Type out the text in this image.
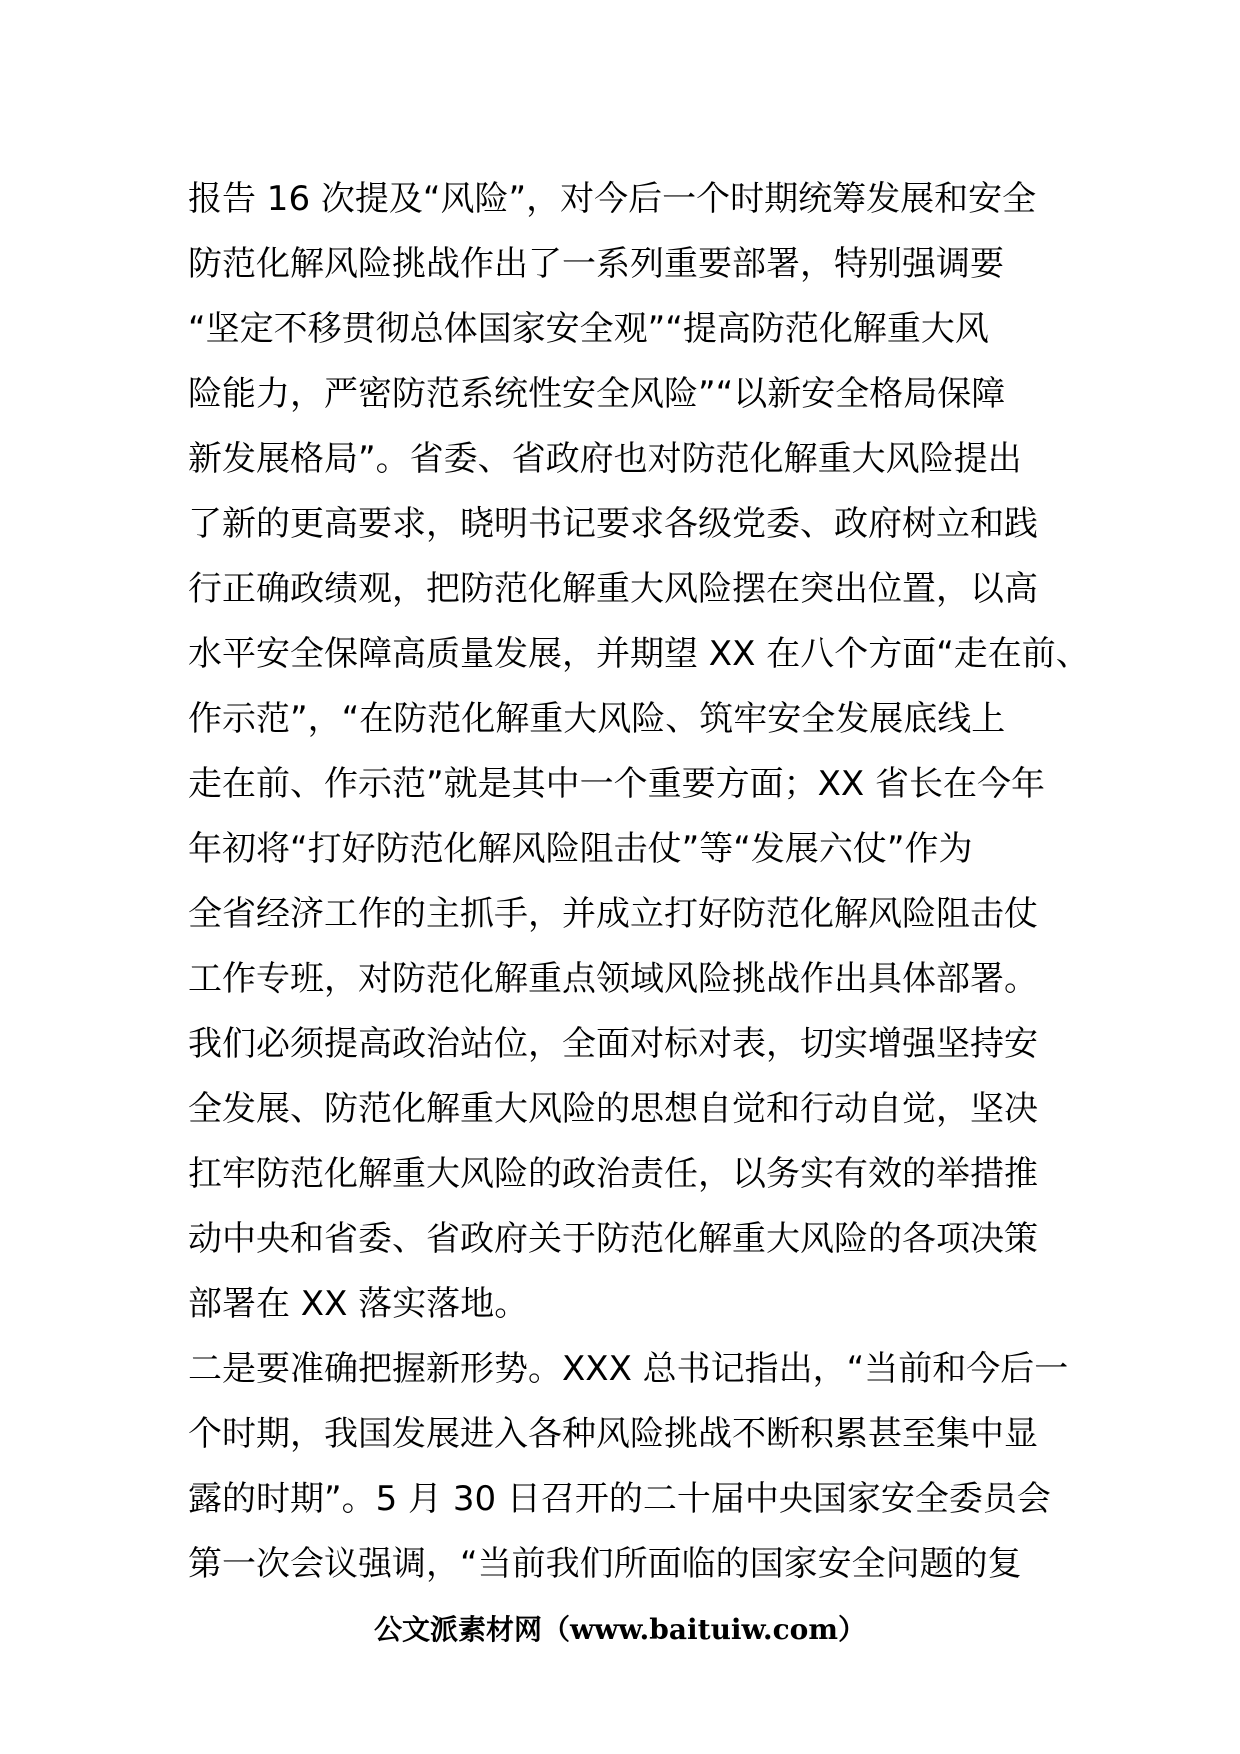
报告 16 次提及“风险”，对今后一个时期统筹发展和安全
防范化解风险挑战作出了一系列重要部署，特别强调要
“坚定不移贯彻总体国家安全观”“提高防范化解重大风
险能力，严密防范系统性安全风险”“以新安全格局保障
新发展格局”。省委、省政府也对防范化解重大风险提出
了新的更高要求，晓明书记要求各级党委、政府树立和践
行正确政绩观，把防范化解重大风险摆在突出位置，以高
水平安全保障高质量发展，并期望 XX 在八个方面“走在前、
作示范”，“在防范化解重大风险、筑牢安全发展底线上
走在前、作示范”就是其中一个重要方面；XX 省长在今年
年初将“打好防范化解风险阻击仗”等“发展六仗”作为
全省经济工作的主抓手，并成立打好防范化解风险阻击仗
工作专班，对防范化解重点领域风险挑战作出具体部署。
我们必须提高政治站位，全面对标对表，切实增强坚持安
全发展、防范化解重大风险的思想自觉和行动自觉，坚决
扛牢防范化解重大风险的政治责任，以务实有效的举措推
动中央和省委、省政府关于防范化解重大风险的各项决策
部署在 XX 落实落地。
二是要准确把握新形势。XXX 总书记指出，“当前和今后一
个时期，我国发展进入各种风险挑战不断积累甚至集中显
露的时期”。5 月 30 日召开的二十届中央国家安全委员会
第一次会议强调，“当前我们所面临的国家安全问题的复
公文派素材网（www.baituiw.com）
